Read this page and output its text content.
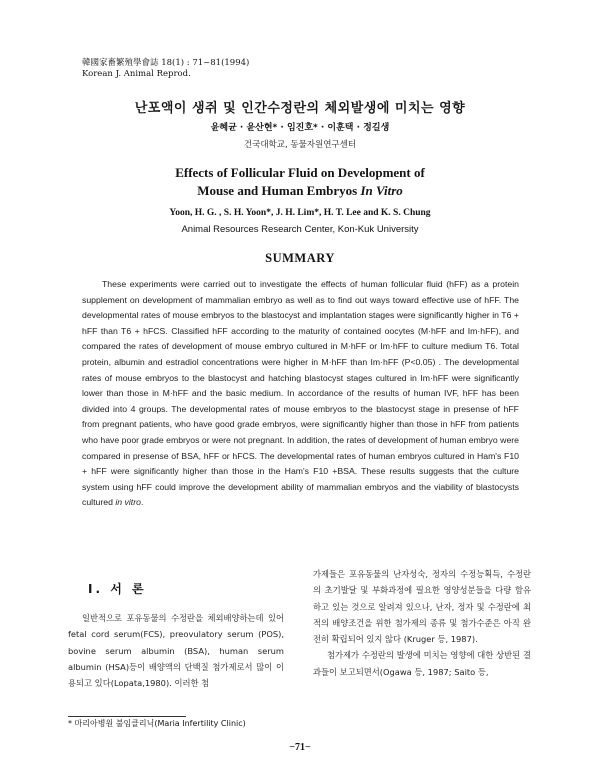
韓國家畜繁殖學會誌 18(1) : 71~81(1994)
Korean J. Animal Reprod.
난포액이 생쥐 및 인간수정란의 체외발생에 미치는 영향
윤혜균 · 윤산현* · 임진호* · 이훈택 · 정길생
건국대학교, 동물자원연구센터
Effects of Follicular Fluid on Development of
Mouse and Human Embryos In Vitro
Yoon, H. G. , S. H. Yoon*, J. H. Lim*, H. T. Lee and K. S. Chung
Animal Resources Research Center, Kon-Kuk University
SUMMARY

These experiments were carried out to investigate the effects of human follicular fluid (hFF) as a protein supplement on development of mammalian embryo as well as to find out ways toward effective use of hFF. The developmental rates of mouse embryos to the blastocyst and implantation stages were significantly higher in T6 + hFF than T6 + hFCS. Classified hFF according to the maturity of contained oocytes (M·hFF and Im·hFF), and compared the rates of development of mouse embryo cultured in M·hFF or Im·hFF to culture medium T6. Total protein, albumin and estradiol concentrations were higher in M·hFF than Im·hFF (P<0.05) . The developmental rates of mouse embryos to the blastocyst and hatching blastocyst stages cultured in Im·hFF were significantly lower than those in M·hFF and the basic medium. In accordance of the results of human IVF, hFF has been divided into 4 groups. The developmental rates of mouse embryos to the blastocyst stage in presense of hFF from pregnant patients, who have good grade embryos, were significantly higher than those in hFF from patients who have poor grade embryos or were not pregnant. In addition, the rates of development of human embryo were compared in presense of BSA, hFF or hFCS. The developmental rates of human embryos cultured in Ham's F10 + hFF were significantly higher than those in the Ham's F10 +BSA. These results suggests that the culture system using hFF could improve the development ability of mammalian embryos and the viability of blastocysts cultured in vitro.

Ⅰ. 서 론

일반적으로 포유동물의 수정란을 체외배양하는데 있어 fetal cord serum(FCS), preovulatory serum (POS), bovine serum albumin (BSA), human serum albumin (HSA)등이 배양액의 단백질 첨가제로서 많이 이용되고 있다(Lopata,1980). 이러한 첨

가제들은 포유동물의 난자성숙, 정자의 수정능획득, 수정란의 초기발달 및 부화과정에 필요한 영양성분들을 다량 함유하고 있는 것으로 알려져 있으나, 난자, 정자 및 수정란에 최적의 배양조건을 위한 첨가제의 종류 및 첨가수준은 아직 완전히 확립되어 있지 않다 (Kruger 등, 1987).

첨가제가 수정란의 발생에 미치는 영향에 대한 상반된 결과들이 보고되면서(Ogawa 등, 1987; Saito 등,

* 마리아병원 불임클리닉(Maria Infertility Clinic)
−71−
